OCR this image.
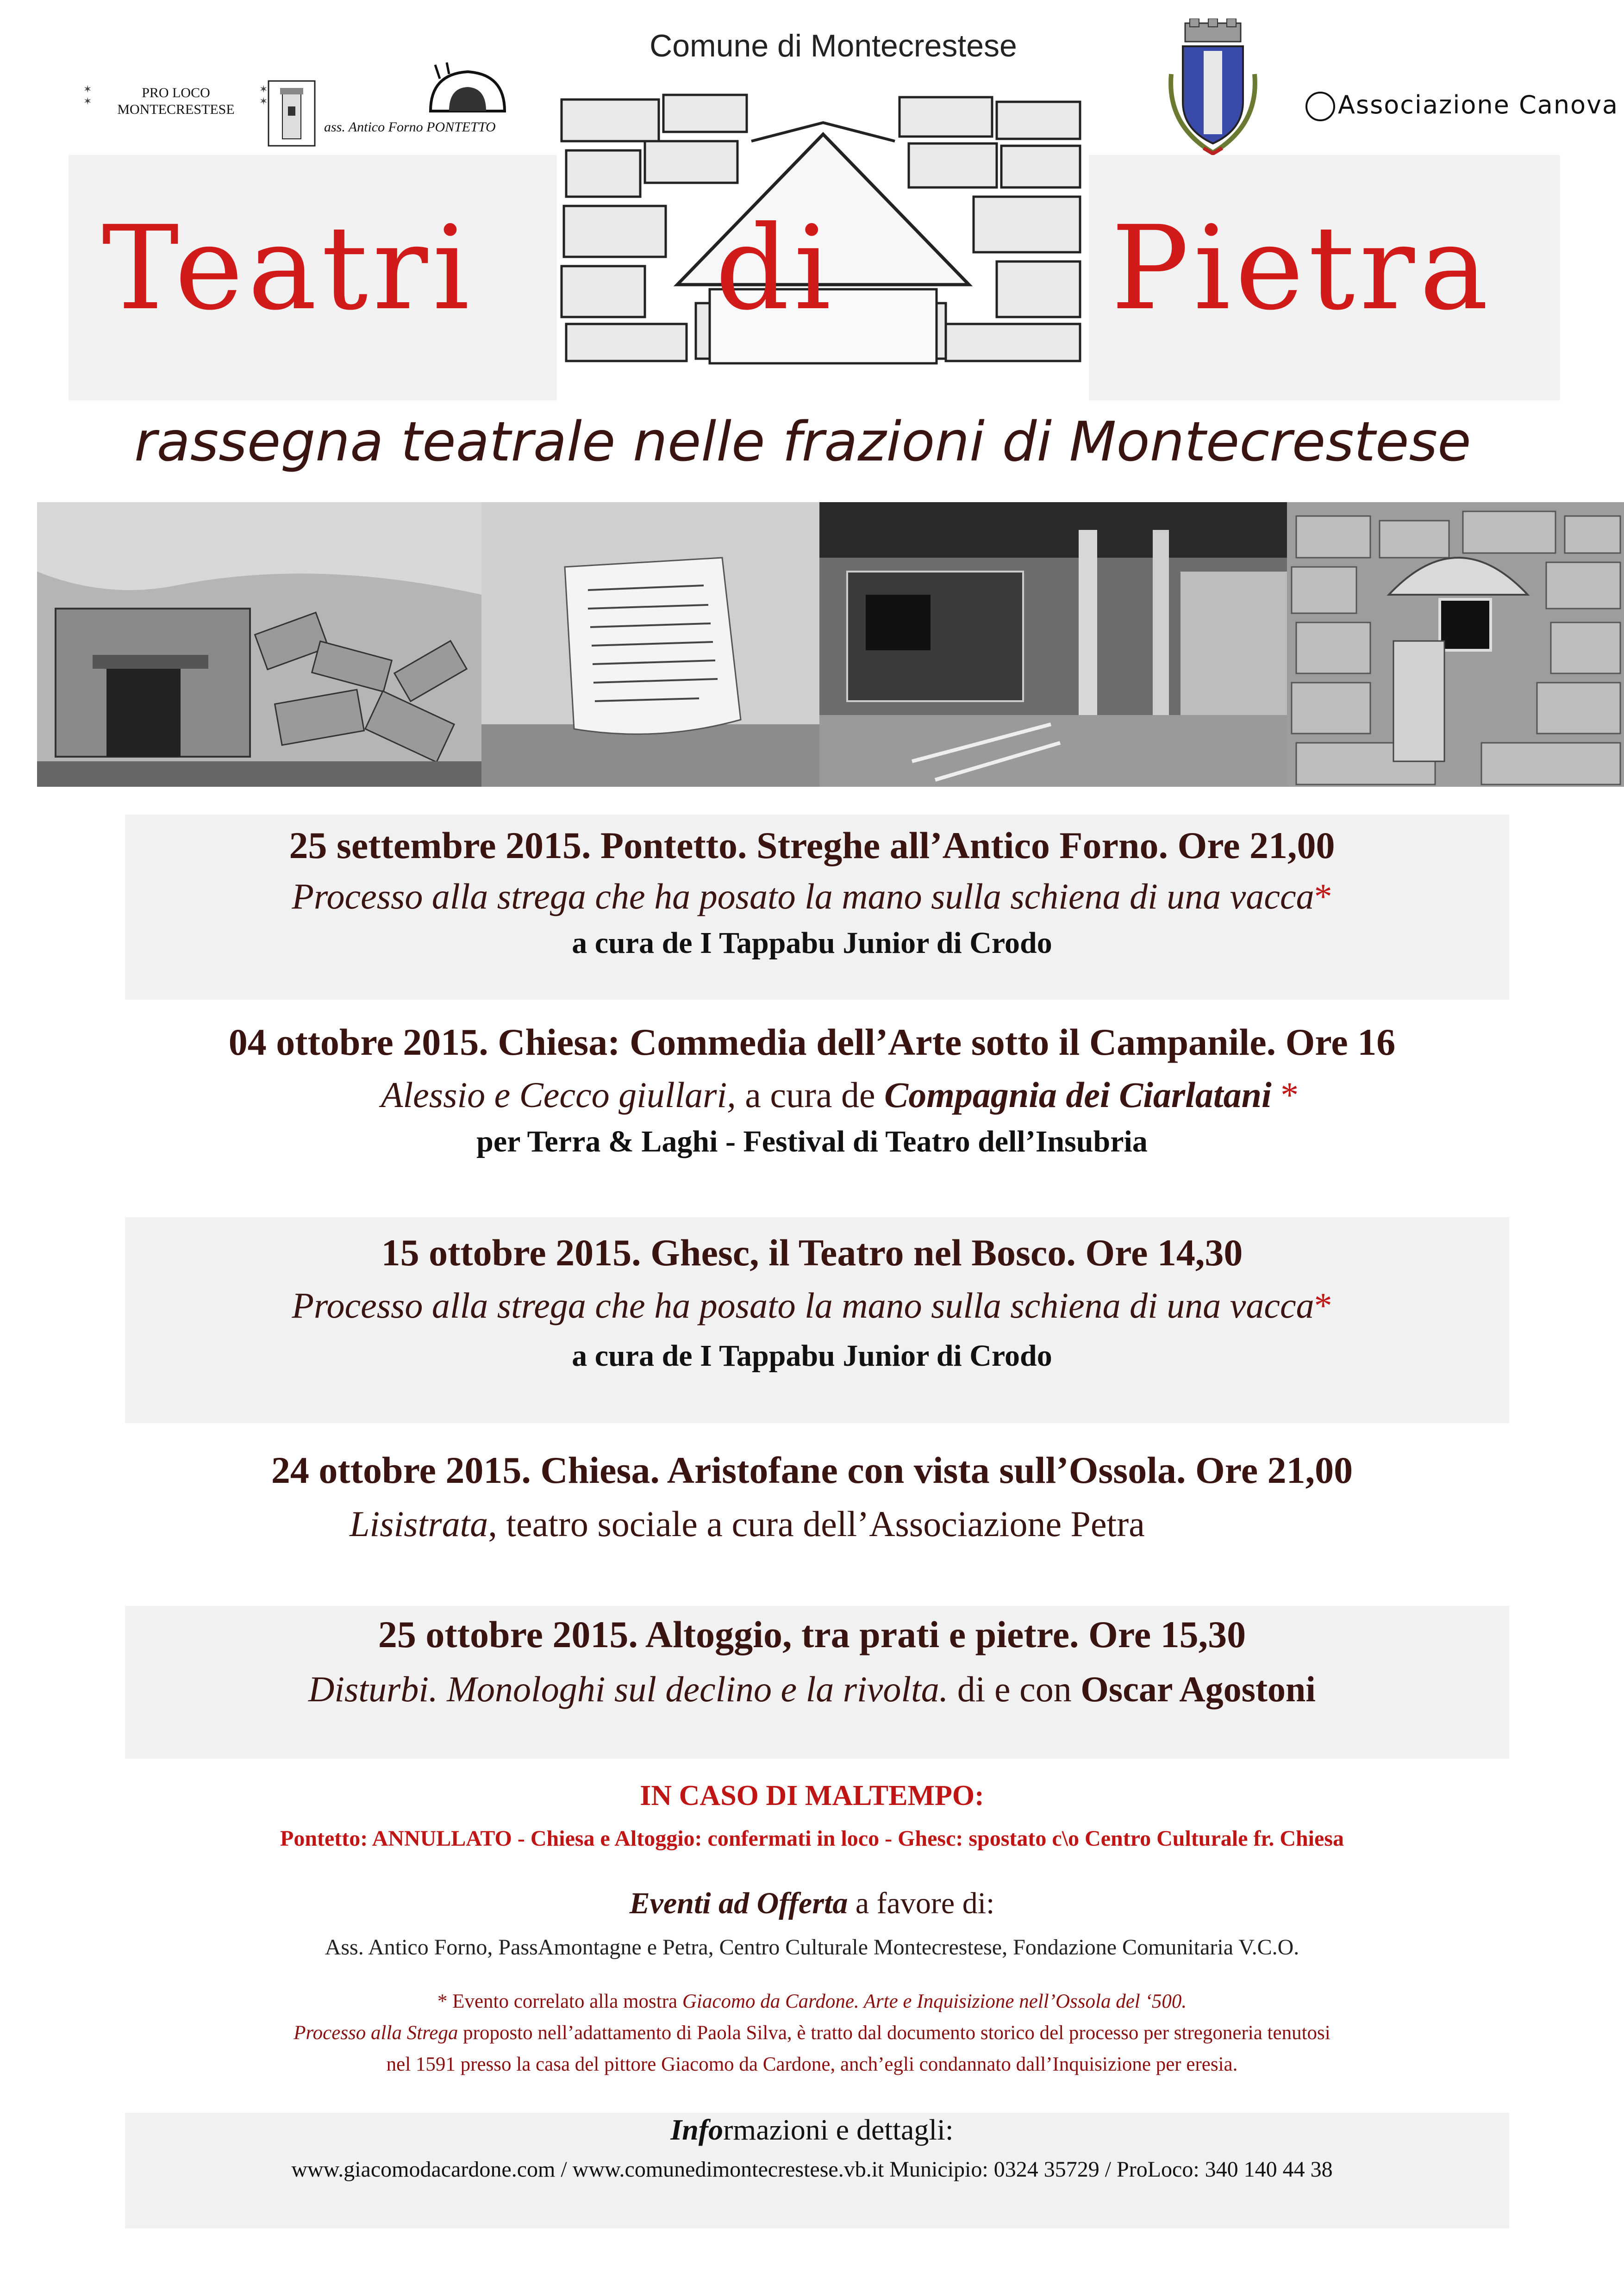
Comune di Montecrestese
PRO LOCO
MONTECRESTESE
✶
✶
✶
✶
ass. Antico Forno PONTETTO
Associazione Canova
Teatri di Pietra
rassegna teatrale nelle frazioni di Montecrestese
25 settembre 2015. Pontetto. Streghe all’Antico Forno. Ore 21,00
Processo alla strega che ha posato la mano sulla schiena di una vacca*
a cura de I Tappabu Junior di Crodo
04 ottobre 2015. Chiesa: Commedia dell’Arte sotto il Campanile. Ore 16
Alessio e Cecco giullari, a cura de Compagnia dei Ciarlatani *
per Terra & Laghi - Festival di Teatro dell’Insubria
15 ottobre 2015. Ghesc, il Teatro nel Bosco. Ore 14,30
Processo alla strega che ha posato la mano sulla schiena di una vacca*
a cura de I Tappabu Junior di Crodo
24 ottobre 2015. Chiesa. Aristofane con vista sull’Ossola. Ore 21,00
Lisistrata, teatro sociale a cura dell’Associazione Petra
25 ottobre 2015. Altoggio, tra prati e pietre. Ore 15,30
Disturbi. Monologhi sul declino e la rivolta. di e con Oscar Agostoni
IN CASO DI MALTEMPO:
Pontetto: ANNULLATO - Chiesa e Altoggio: confermati in loco - Ghesc: spostato c\o Centro Culturale fr. Chiesa
Eventi ad Offerta a favore di:
Ass. Antico Forno, PassAmontagne e Petra, Centro Culturale Montecrestese, Fondazione Comunitaria V.C.O.
* Evento correlato alla mostra Giacomo da Cardone. Arte e Inquisizione nell’Ossola del ‘500.
Processo alla Strega proposto nell’adattamento di Paola Silva, è tratto dal documento storico del processo per stregoneria tenutosi
nel 1591 presso la casa del pittore Giacomo da Cardone, anch’egli condannato dall’Inquisizione per eresia.
Informazioni e dettagli:
www.giacomodacardone.com / www.comunedimontecrestese.vb.it Municipio: 0324 35729 / ProLoco: 340 140 44 38
